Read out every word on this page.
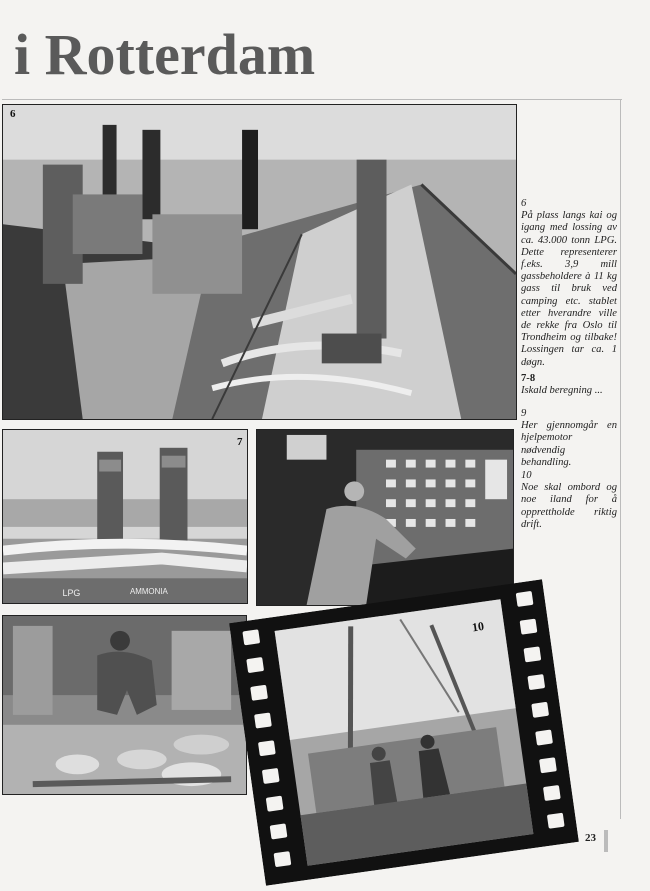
i Rotterdam
6
LPG	AMMONIA
7
10
6
På plass langs kai og igang med lossing av ca. 43.000 tonn LPG. Dette representerer f.eks. 3,9 mill gassbeholdere à 11 kg gass til bruk ved camping etc. stablet etter hverandre ville de rekke fra Oslo til Trondheim og tilbake! Lossingen tar ca. 1 døgn.
7-8
Iskald beregning ...
9
Her gjennomgår en hjelpemotor nødvendig behandling.
10
Noe skal ombord og noe iland for å opprettholde riktig drift.
23
